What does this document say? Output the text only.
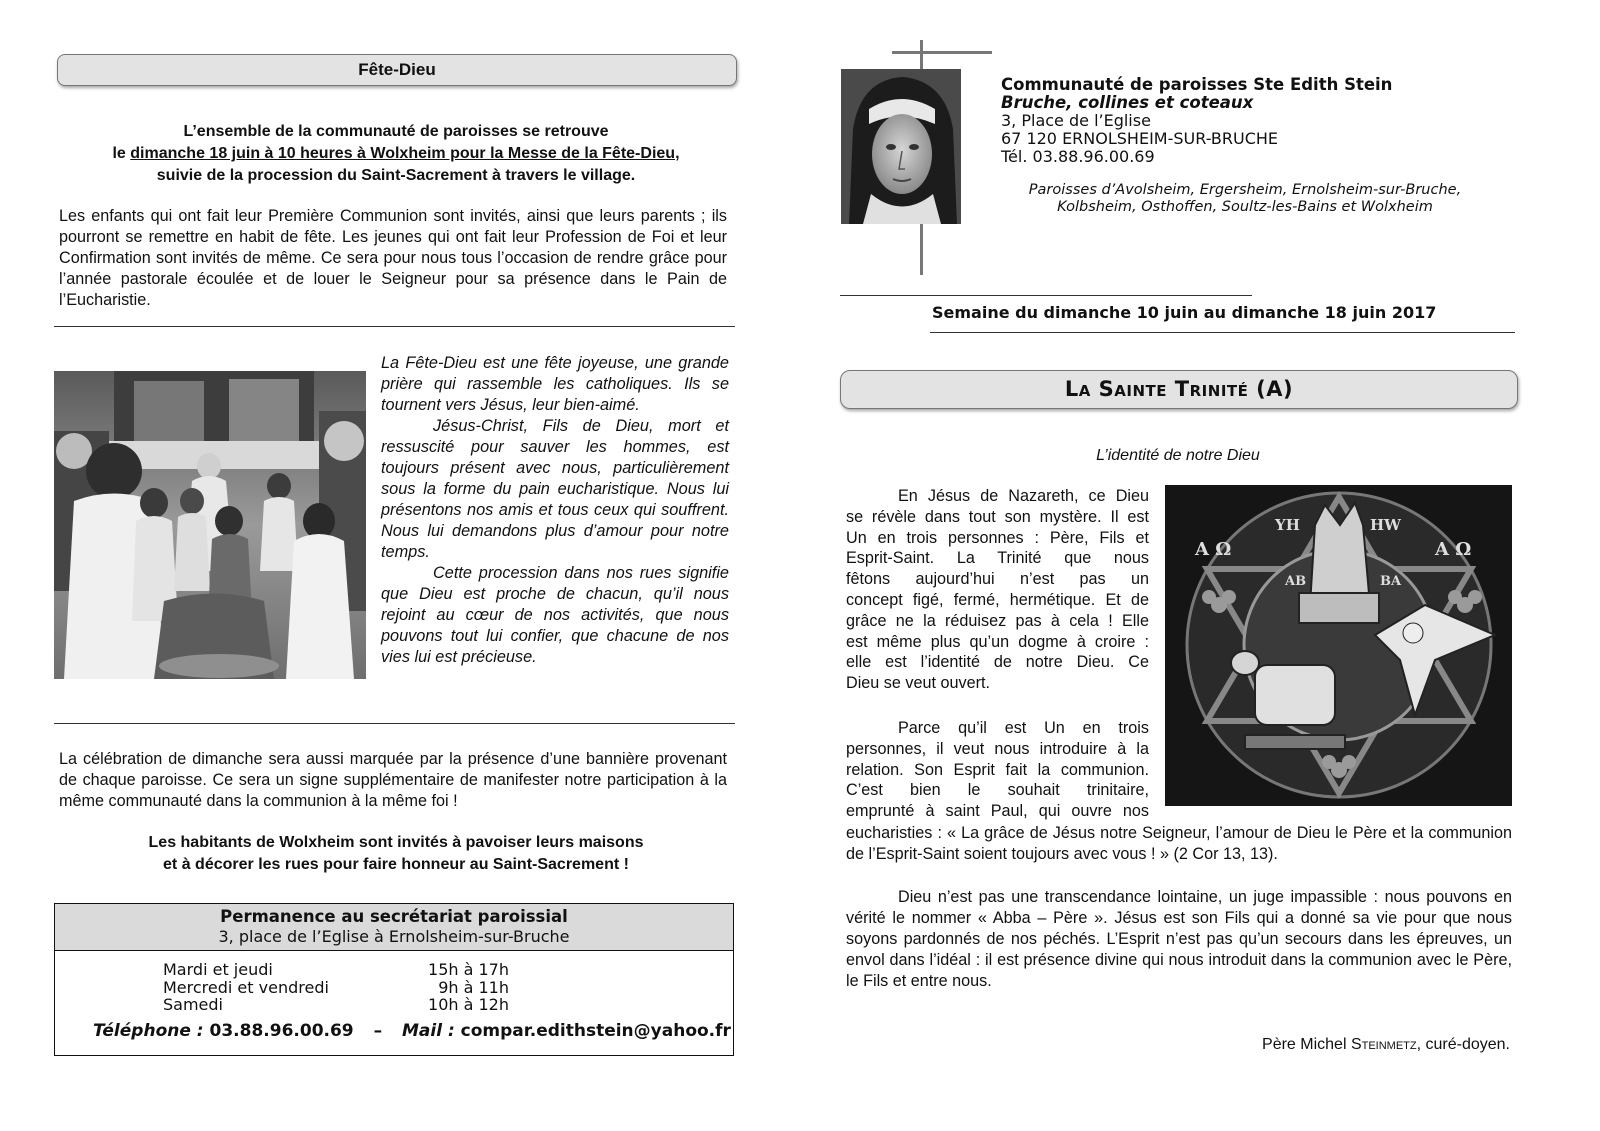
Fête-Dieu
L’ensemble de la communauté de paroisses se retrouve
le dimanche 18 juin à 10 heures à Wolxheim pour la Messe de la Fête-Dieu,
suivie de la procession du Saint-Sacrement à travers le village.
Les enfants qui ont fait leur Première Communion sont invités, ainsi que leurs parents ; ils pourront se remettre en habit de fête. Les jeunes qui ont fait leur Profession de Foi et leur Confirmation sont invités de même. Ce sera pour nous tous l’occasion de rendre grâce pour l’année pastorale écoulée et de louer le Seigneur pour sa présence dans le Pain de l’Eucharistie.
La Fête-Dieu est une fête joyeuse, une grande prière qui rassemble les catholiques. Ils se tournent vers Jésus, leur bien-aimé.
Jésus-Christ, Fils de Dieu, mort et ressuscité pour sauver les hommes, est toujours présent avec nous, particulièrement sous la forme du pain eucharistique. Nous lui présentons nos amis et tous ceux qui souffrent. Nous lui demandons plus d’amour pour notre temps.
Cette procession dans nos rues signifie que Dieu est proche de chacun, qu’il nous rejoint au cœur de nos activités, que nous pouvons tout lui confier, que chacune de nos vies lui est précieuse.
La célébration de dimanche sera aussi marquée par la présence d’une bannière provenant de chaque paroisse. Ce sera un signe supplémentaire de manifester notre participation à la même communauté dans la communion à la même foi !
Les habitants de Wolxheim sont invités à pavoiser leurs maisons
et à décorer les rues pour faire honneur au Saint-Sacrement !
Permanence au secrétariat paroissial
3, place de l’Eglise à Ernolsheim-sur-Bruche
Mardi et jeudi	15h à 17h
Mercredi et vendredi	9h à 11h
Samedi	10h à 12h
Téléphone : 03.88.96.00.69 – Mail : compar.edithstein@yahoo.fr
Communauté de paroisses Ste Edith Stein
Bruche, collines et coteaux
3, Place de l’Eglise
67 120 ERNOLSHEIM-SUR-BRUCHE
Tél. 03.88.96.00.69
Paroisses d’Avolsheim, Ergersheim, Ernolsheim-sur-Bruche,
Kolbsheim, Osthoffen, Soultz-les-Bains et Wolxheim
Semaine du dimanche 10 juin au dimanche 18 juin 2017
La Sainte Trinité (A)
L’identité de notre Dieu
En Jésus de Nazareth, ce Dieu
se révèle dans tout son mystère. Il est
Un en trois personnes : Père, Fils et
Esprit-Saint. La Trinité que nous
fêtons aujourd’hui n’est pas un
concept figé, fermé, hermétique. Et de
grâce ne la réduisez pas à cela ! Elle
est même plus qu’un dogme à croire :
elle est l’identité de notre Dieu. Ce
Dieu se veut ouvert.
Parce qu’il est Un en trois
personnes, il veut nous introduire à la
relation. Son Esprit fait la communion.
C’est bien le souhait trinitaire,
emprunté à saint Paul, qui ouvre nos
eucharisties : « La grâce de Jésus notre Seigneur, l’amour de Dieu le Père et la communion de l’Esprit-Saint soient toujours avec vous ! » (2 Cor 13, 13).
Α Ω	Α Ω
ΑΒ	ΒΑ
ΥΗ	ΗW
Dieu n’est pas une transcendance lointaine, un juge impassible : nous pouvons en vérité le nommer « Abba – Père ». Jésus est son Fils qui a donné sa vie pour que nous soyons pardonnés de nos péchés. L’Esprit n’est pas qu’un secours dans les épreuves, un envol dans l’idéal : il est présence divine qui nous introduit dans la communion avec le Père, le Fils et entre nous.
Père Michel Steinmetz, curé-doyen.
